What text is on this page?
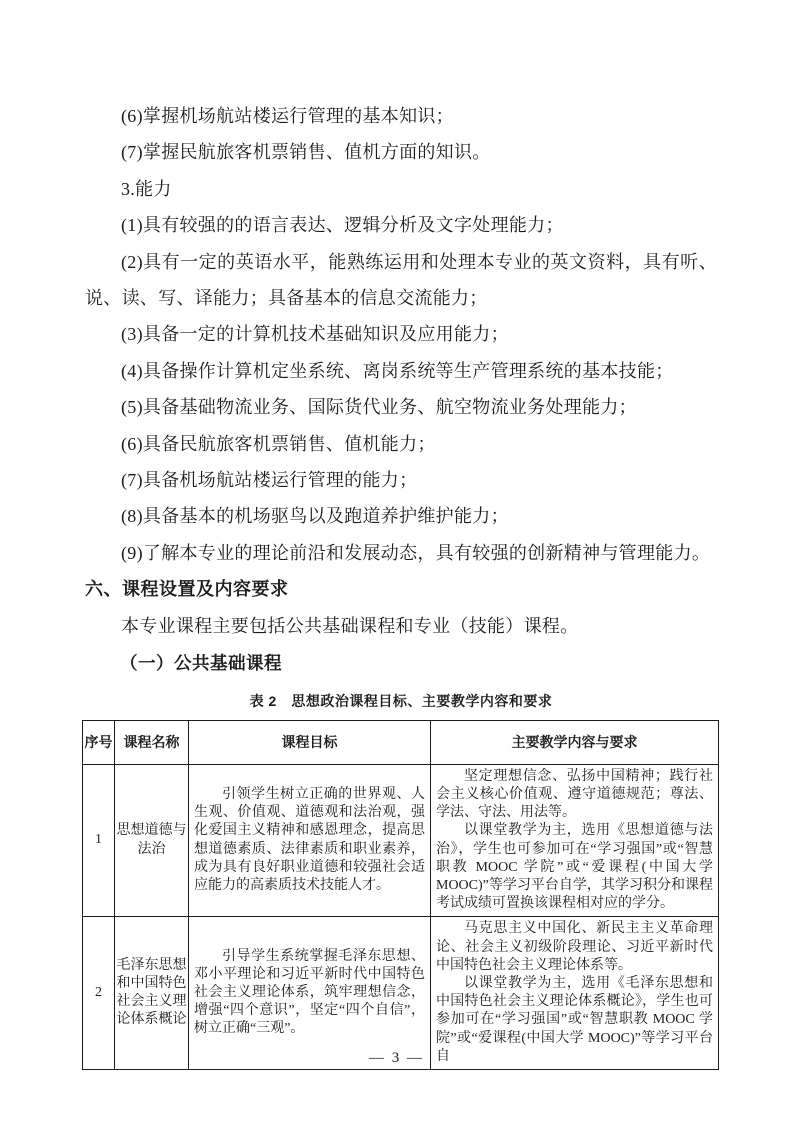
(6)掌握机场航站楼运行管理的基本知识；

(7)掌握民航旅客机票销售、值机方面的知识。

3.能力

(1)具有较强的的语言表达、逻辑分析及文字处理能力；

(2)具有一定的英语水平，能熟练运用和处理本专业的英文资料，具有听、说、读、写、译能力；具备基本的信息交流能力；

(3)具备一定的计算机技术基础知识及应用能力；

(4)具备操作计算机定坐系统、离岗系统等生产管理系统的基本技能；

(5)具备基础物流业务、国际货代业务、航空物流业务处理能力；

(6)具备民航旅客机票销售、值机能力；

(7)具备机场航站楼运行管理的能力；

(8)具备基本的机场驱鸟以及跑道养护维护能力；

(9)了解本专业的理论前沿和发展动态，具有较强的创新精神与管理能力。

六、课程设置及内容要求

本专业课程主要包括公共基础课程和专业（技能）课程。

（一）公共基础课程

表 2　思想政治课程目标、主要教学内容和要求

序号	课程名称	课程目标	主要教学内容与要求
1	思想道德与法治	引领学生树立正确的世界观、人生观、价值观、道德观和法治观，强化爱国主义精神和感恩理念，提高思想道德素质、法律素质和职业素养，成为具有良好职业道德和较强社会适应能力的高素质技术技能人才。	坚定理想信念、弘扬中国精神；践行社会主义核心价值观、遵守道德规范；尊法、学法、守法、用法等。

以课堂教学为主，选用《思想道德与法治》，学生也可参加可在“学习强国”或“智慧职教 MOOC 学院”或“爱课程(中国大学 MOOC)”等学习平台自学，其学习积分和课程考试成绩可置换该课程相对应的学分。

2	毛泽东思想和中国特色社会主义理论体系概论	引导学生系统掌握毛泽东思想、邓小平理论和习近平新时代中国特色社会主义理论体系，筑牢理想信念，增强“四个意识”，坚定“四个自信”，树立正确“三观”。	马克思主义中国化、新民主主义革命理论、社会主义初级阶段理论、习近平新时代中国特色社会主义理论体系等。

以课堂教学为主，选用《毛泽东思想和中国特色社会主义理论体系概论》，学生也可参加可在“学习强国”或“智慧职教 MOOC 学院”或“爱课程(中国大学 MOOC)”等学习平台自

— 3 —
